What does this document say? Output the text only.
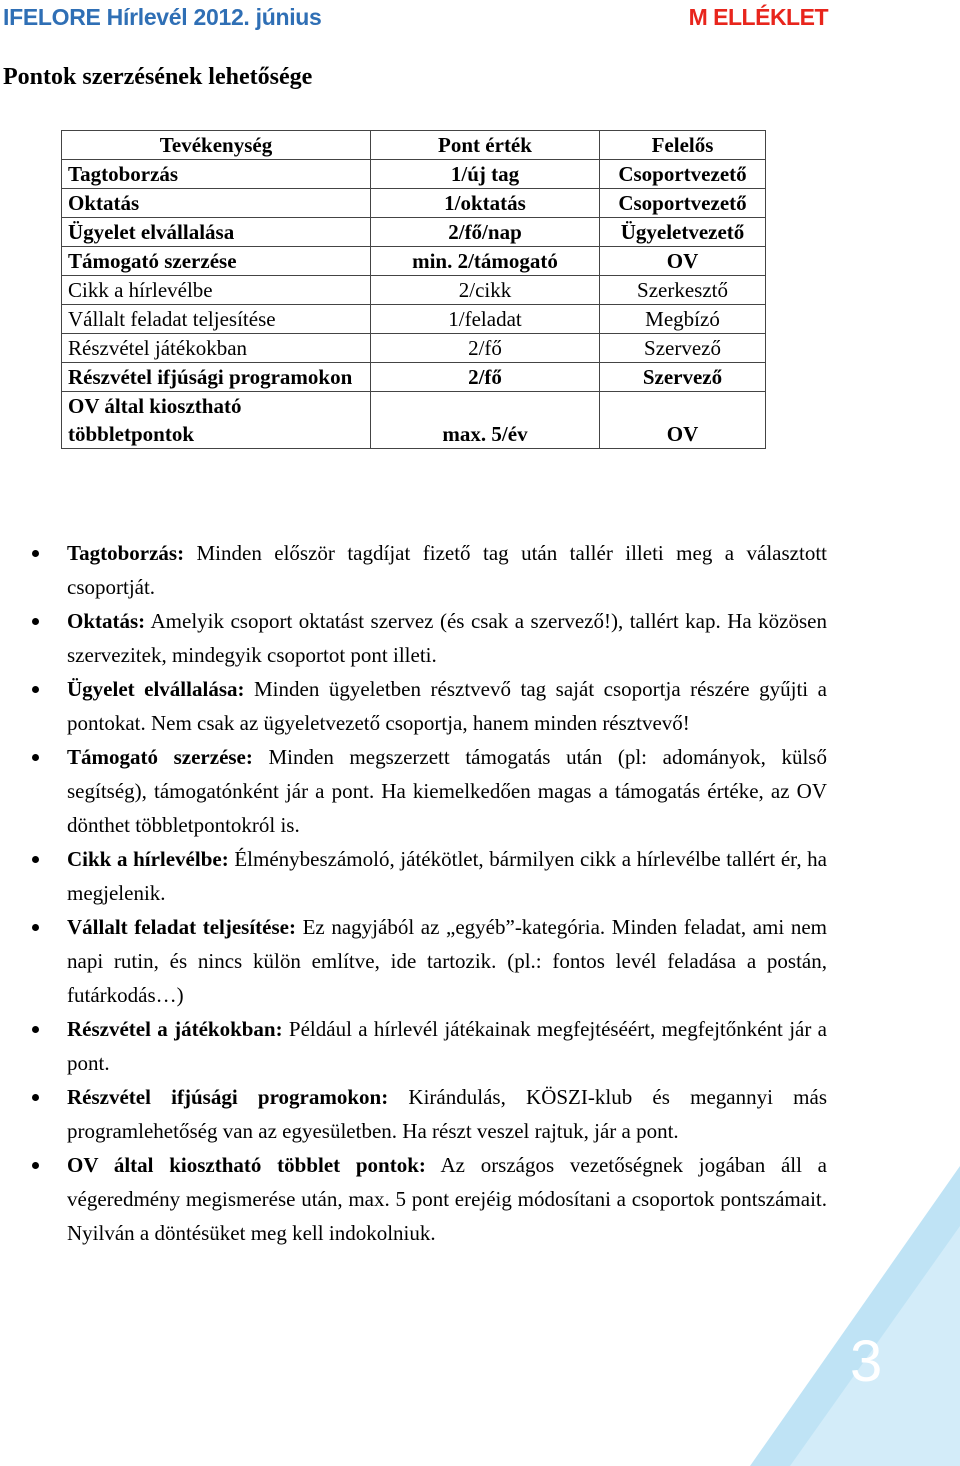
IFELORE Hírlevél 2012. június	M ELLÉKLET
Pontok szerzésének lehetősége
Tevékenység	Pont érték	Felelős
Tagtoborzás	1/új tag	Csoportvezető
Oktatás	1/oktatás	Csoportvezető
Ügyelet elvállalása	2/fő/nap	Ügyeletvezető
Támogató szerzése	min. 2/támogató	OV
Cikk a hírlevélbe	2/cikk	Szerkesztő
Vállalt feladat teljesítése	1/feladat	Megbízó
Részvétel játékokban	2/fő	Szervező
Részvétel ifjúsági programokon	2/fő	Szervező
OV által kiosztható többletpontok	max. 5/év	OV
Tagtoborzás: Minden először tagdíjat fizető tag után tallér illeti meg a választott csoportját.
Oktatás: Amelyik csoport oktatást szervez (és csak a szervező!), tallért kap. Ha közösen szervezitek, mindegyik csoportot pont illeti.
Ügyelet elvállalása: Minden ügyeletben résztvevő tag saját csoportja részére gyűjti a pontokat. Nem csak az ügyeletvezető csoportja, hanem minden résztvevő!
Támogató szerzése: Minden megszerzett támogatás után (pl: adományok, külső segítség), támogatónként jár a pont. Ha kiemelkedően magas a támogatás értéke, az OV dönthet többletpontokról is.
Cikk a hírlevélbe: Élménybeszámoló, játékötlet, bármilyen cikk a hírlevélbe tallért ér, ha megjelenik.
Vállalt feladat teljesítése: Ez nagyjából az „egyéb”-kategória. Minden feladat, ami nem napi rutin, és nincs külön említve, ide tartozik. (pl.: fontos levél feladása a postán, futárkodás…)
Részvétel a játékokban: Például a hírlevél játékainak megfejtéséért, megfejtőnként jár a pont.
Részvétel ifjúsági programokon: Kirándulás, KÖSZI-klub és megannyi más programlehetőség van az egyesületben. Ha részt veszel rajtuk, jár a pont.
OV által kiosztható többlet pontok: Az országos vezetőségnek jogában áll a végeredmény megismerése után, max. 5 pont erejéig módosítani a csoportok pontszámait. Nyilván a döntésüket meg kell indokolniuk.
3
